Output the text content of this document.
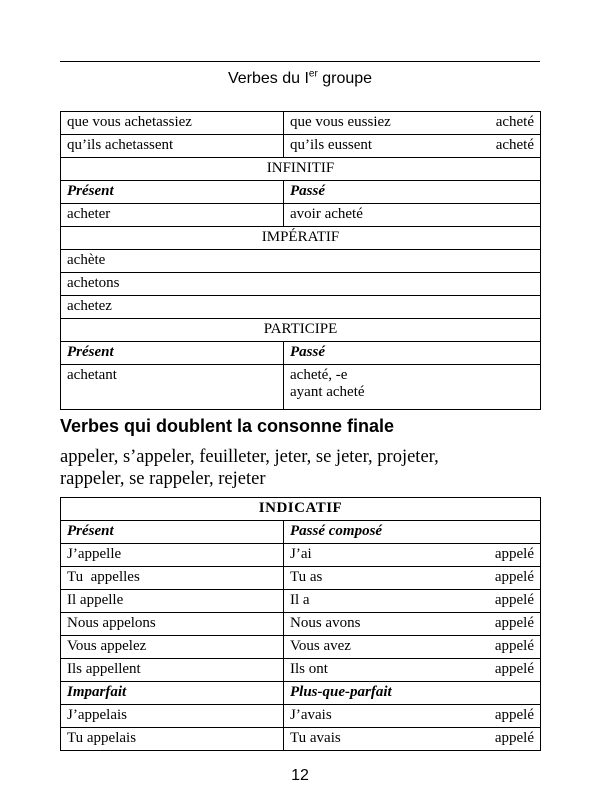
Verbes du Ier groupe
que vous achetassiez	que vous eussiez acheté

qu’ils achetassent	qu’ils eussent acheté

INFINITIF	
Présent	Passé
acheter	avoir acheté
IMPÉRATIF	
achète	
achetons	
achetez	
PARTICIPE	
Présent	Passé
achetant	acheté, -e
ayant acheté
Verbes qui doublent la consonne finale
appeler, s’appeler, feuilleter, jeter, se jeter, projeter,
rappeler, se rappeler, rejeter
INDICATIF	
Présent	Passé composé
J’appelle	J’ai appelé

Tu  appelles	Tu as appelé

Il appelle	Il a appelé

Nous appelons	Nous avons appelé

Vous appelez	Vous avez appelé

Ils appellent	Ils ont appelé

Imparfait	Plus-que-parfait
J’appelais	J’avais appelé

Tu appelais	Tu avais appelé
12
